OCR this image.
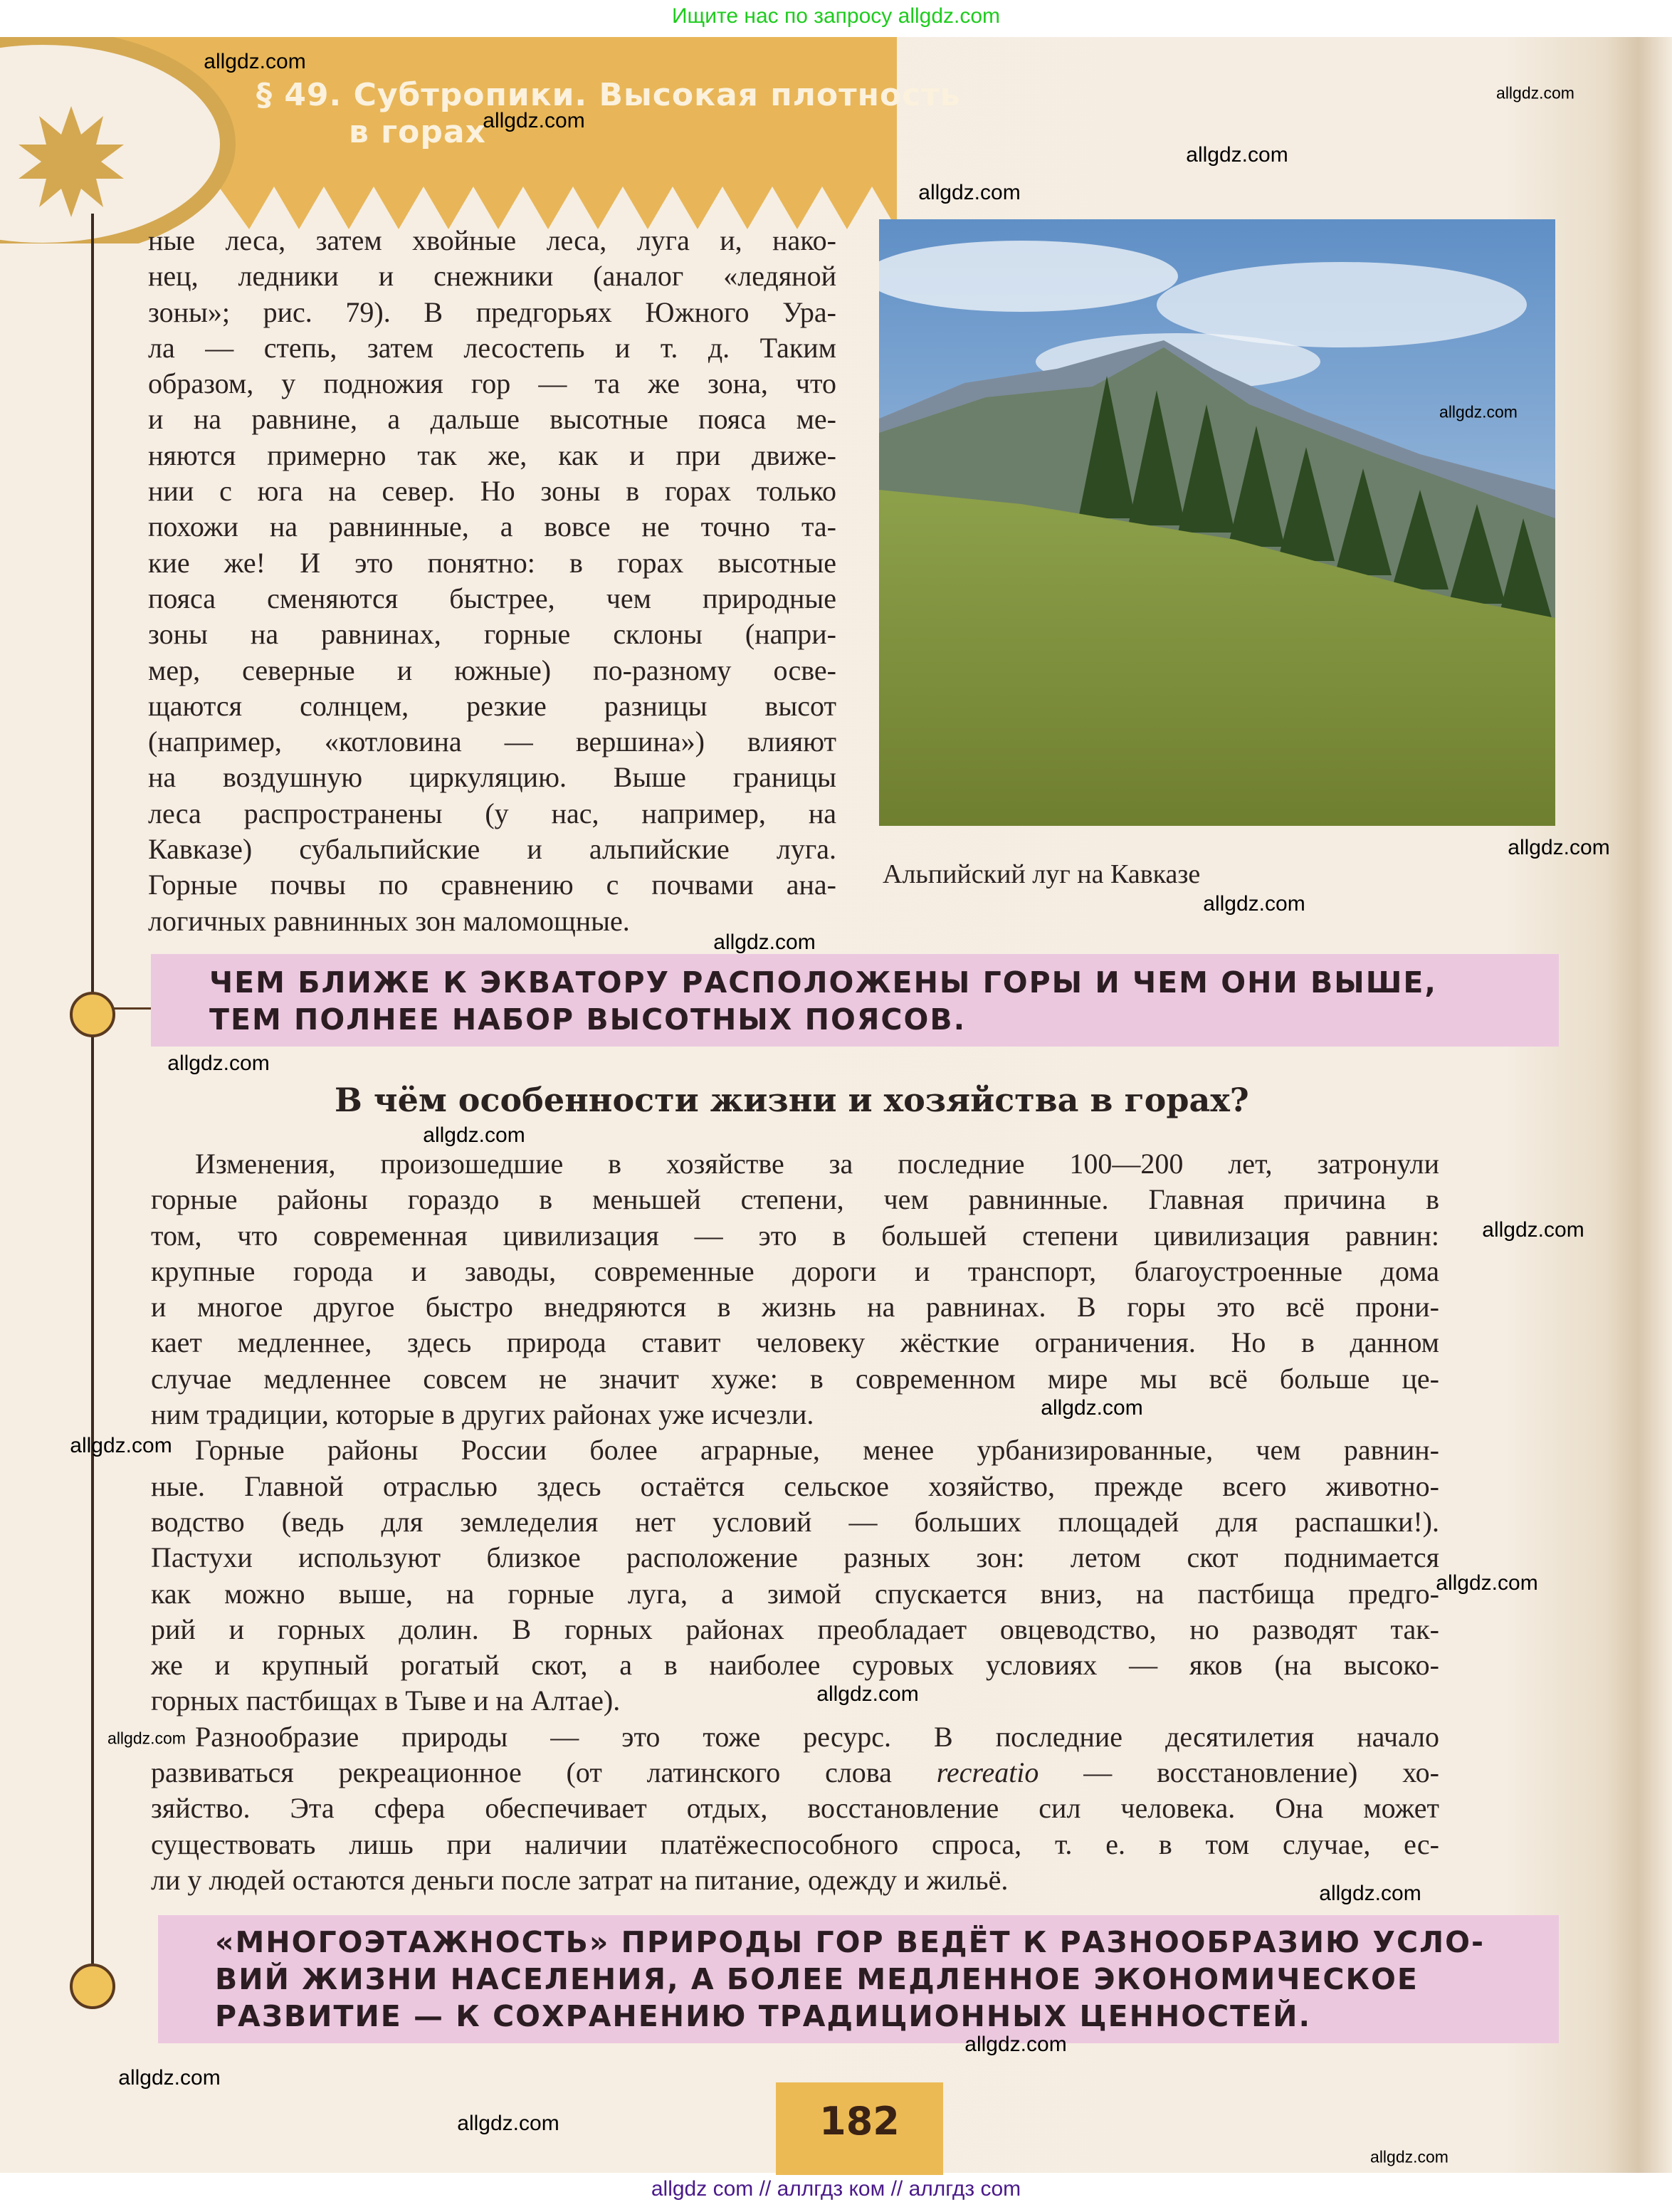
Ищите нас по запросу allgdz.com
§ 49. Субтропики. Высокая плотность
в горах
ные леса, затем хвойные леса, луга и, нако-
нец, ледники и снежники (аналог «ледяной
зоны»; рис. 79). В предгорьях Южного Ура-
ла — степь, затем лесостепь и т. д. Таким
образом, у подножия гор — та же зона, что
и на равнине, а дальше высотные пояса ме-
няются примерно так же, как и при движе-
нии с юга на север. Но зоны в горах только
похожи на равнинные, а вовсе не точно та-
кие же! И это понятно: в горах высотные
пояса сменяются быстрее, чем природные
зоны на равнинах, горные склоны (напри-
мер, северные и южные) по-разному осве-
щаются солнцем, резкие разницы высот
(например, «котловина — вершина») влияют
на воздушную циркуляцию. Выше границы
леса распространены (у нас, например, на
Кавказе) субальпийские и альпийские луга.
Горные почвы по сравнению с почвами ана-
логичных равнинных зон маломощные.
Альпийский луг на Кавказе
ЧЕМ БЛИЖЕ К ЭКВАТОРУ РАСПОЛОЖЕНЫ ГОРЫ И ЧЕМ ОНИ ВЫШЕ,
ТЕМ ПОЛНЕЕ НАБОР ВЫСОТНЫХ ПОЯСОВ.
В чём особенности жизни и хозяйства в горах?
Изменения, произошедшие в хозяйстве за последние 100—200 лет, затронули
горные районы гораздо в меньшей степени, чем равнинные. Главная причина в
том, что современная цивилизация — это в большей степени цивилизация равнин:
крупные города и заводы, современные дороги и транспорт, благоустроенные дома
и многое другое быстро внедряются в жизнь на равнинах. В горы это всё прони-
кает медленнее, здесь природа ставит человеку жёсткие ограничения. Но в данном
случае медленнее совсем не значит хуже: в современном мире мы всё больше це-
ним традиции, которые в других районах уже исчезли.
Горные районы России более аграрные, менее урбанизированные, чем равнин-
ные. Главной отраслью здесь остаётся сельское хозяйство, прежде всего животно-
водство (ведь для земледелия нет условий — больших площадей для распашки!).
Пастухи используют близкое расположение разных зон: летом скот поднимается
как можно выше, на горные луга, а зимой спускается вниз, на пастбища предго-
рий и горных долин. В горных районах преобладает овцеводство, но разводят так-
же и крупный рогатый скот, а в наиболее суровых условиях — яков (на высоко-
горных пастбищах в Тыве и на Алтае).
Разнообразие природы — это тоже ресурс. В последние десятилетия начало
развиваться рекреационное (от латинского слова recreatio — восстановление) хо-
зяйство. Эта сфера обеспечивает отдых, восстановление сил человека. Она может
существовать лишь при наличии платёжеспособного спроса, т. е. в том случае, ес-
ли у людей остаются деньги после затрат на питание, одежду и жильё.
«МНОГОЭТАЖНОСТЬ» ПРИРОДЫ ГОР ВЕДЁТ К РАЗНООБРАЗИЮ УСЛО-
ВИЙ ЖИЗНИ НАСЕЛЕНИЯ, А БОЛЕЕ МЕДЛЕННОЕ ЭКОНОМИЧЕСКОЕ
РАЗВИТИЕ — К СОХРАНЕНИЮ ТРАДИЦИОННЫХ ЦЕННОСТЕЙ.
182
allgdz com // аллгдз ком // аллгдз com
allgdz.com
allgdz.com
allgdz.com
allgdz.com
allgdz.com
allgdz.com
allgdz.com
allgdz.com
allgdz.com
allgdz.com
allgdz.com
allgdz.com
allgdz.com
allgdz.com
allgdz.com
allgdz.com
allgdz.com
allgdz.com
allgdz.com
allgdz.com
allgdz.com
allgdz.com
